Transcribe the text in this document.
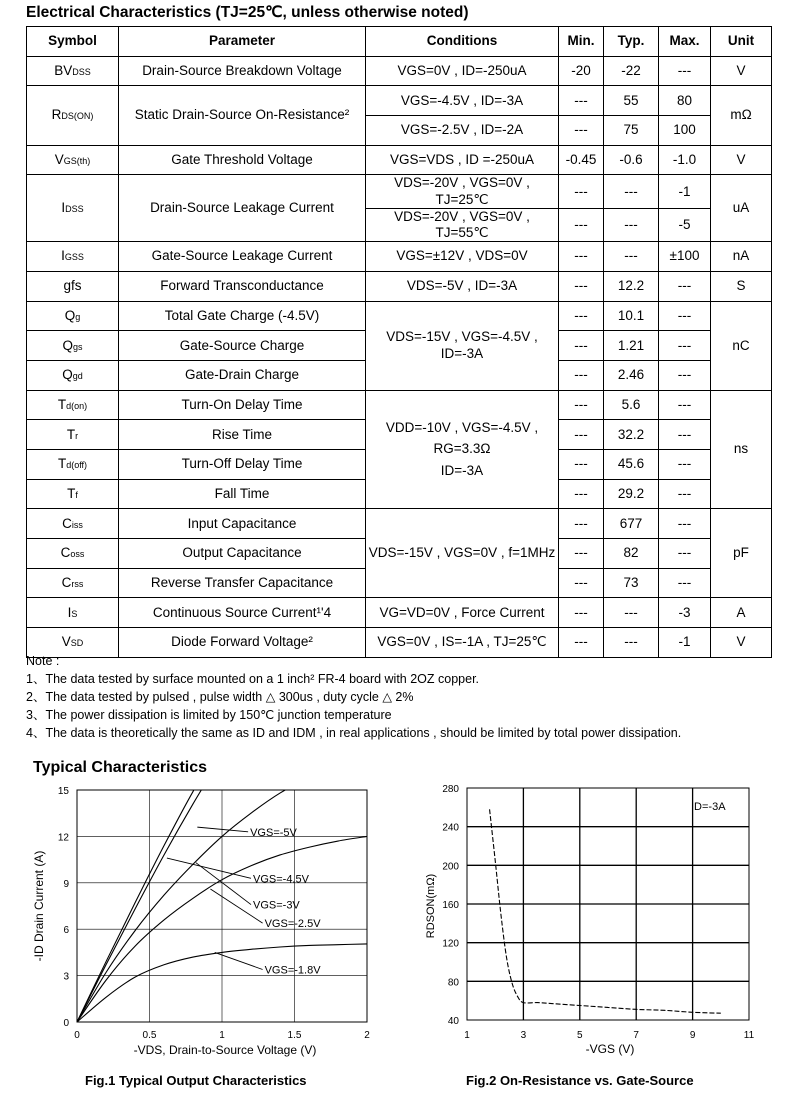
Electrical Characteristics (TJ=25℃, unless otherwise noted)
Symbol	Parameter	Conditions	Min.	Typ.	Max.	Unit
BVDSS	Drain-Source Breakdown Voltage	VGS=0V , ID=-250uA	-20	-22	---	V
RDS(ON)	Static Drain-Source On-Resistance²	VGS=-4.5V , ID=-3A	---	55	80	mΩ
		VGS=-2.5V , ID=-2A	---	75	100	
VGS(th)	Gate Threshold Voltage	VGS=VDS , ID =-250uA	-0.45	-0.6	-1.0	V
IDSS	Drain-Source Leakage Current	VDS=-20V , VGS=0V , TJ=25℃	---	---	-1	uA
		VDS=-20V , VGS=0V , TJ=55℃	---	---	-5	
IGSS	Gate-Source Leakage Current	VGS=±12V , VDS=0V	---	---	±100	nA
gfs	Forward Transconductance	VDS=-5V , ID=-3A	---	12.2	---	S
Qg	Total Gate Charge (-4.5V)	VDS=-15V , VGS=-4.5V , ID=-3A	---	10.1	---	nC
Qgs	Gate-Source Charge		---	1.21	---	
Qgd	Gate-Drain Charge		---	2.46	---	
Td(on)	Turn-On Delay Time	VDD=-10V , VGS=-4.5V ,
RG=3.3Ω
ID=-3A	---	5.6	---	ns
Tr	Rise Time		---	32.2	---	
Td(off)	Turn-Off Delay Time		---	45.6	---	
Tf	Fall Time		---	29.2	---	
Ciss	Input Capacitance	VDS=-15V , VGS=0V , f=1MHz	---	677	---	pF
Coss	Output Capacitance		---	82	---	
Crss	Reverse Transfer Capacitance		---	73	---	
IS	Continuous Source Current¹ʹ4	VG=VD=0V , Force Current	---	---	-3	A
VSD	Diode Forward Voltage²	VGS=0V , IS=-1A , TJ=25℃	---	---	-1	V
Note :
1、The data tested by surface mounted on a 1 inch² FR-4 board with 2OZ copper.
2、The data tested by pulsed , pulse width △ 300us , duty cycle △ 2%
3、The power dissipation is limited by 150℃ junction temperature
4、The data is theoretically the same as ID and IDM , in real applications , should be limited by total power dissipation.
Typical Characteristics
0	0.5	1	1.5	2
0
3
6
9
12
15
VGS=-5V
VGS=-4.5V
VGS=-3V
VGS=-2.5V
VGS=-1.8V
-VDS, Drain-to-Source Voltage (V)
-ID Drain Current (A)
1	3	5	7	9	11
40
80
120
160
200
240
280
ID=-3A
-VGS (V)
RDSON(mΩ)
Fig.1 Typical Output Characteristics	Fig.2 On-Resistance vs. Gate-Source
